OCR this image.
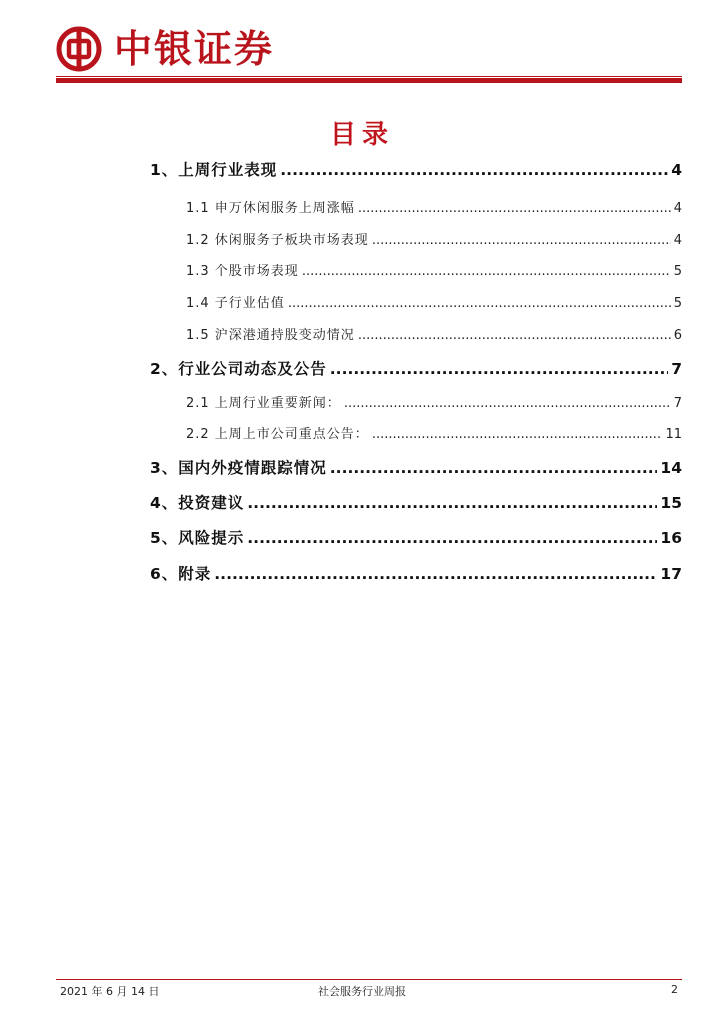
中银证券
目录
1、上周行业表现 .....	4
1.1 申万休闲服务上周涨幅 .....	4
1.2 休闲服务子板块市场表现 .....	4
1.3 个股市场表现 .....	5
1.4 子行业估值 .....	5
1.5 沪深港通持股变动情况 .....	6
2、行业公司动态及公告 .....	7
2.1 上周行业重要新闻： .....	7
2.2 上周上市公司重点公告： .....	11
3、国内外疫情跟踪情况 .....	14
4、投资建议 .....	15
5、风险提示 .....	16
6、附录 .....	17
2021 年 6 月 14 日	社会服务行业周报	2
